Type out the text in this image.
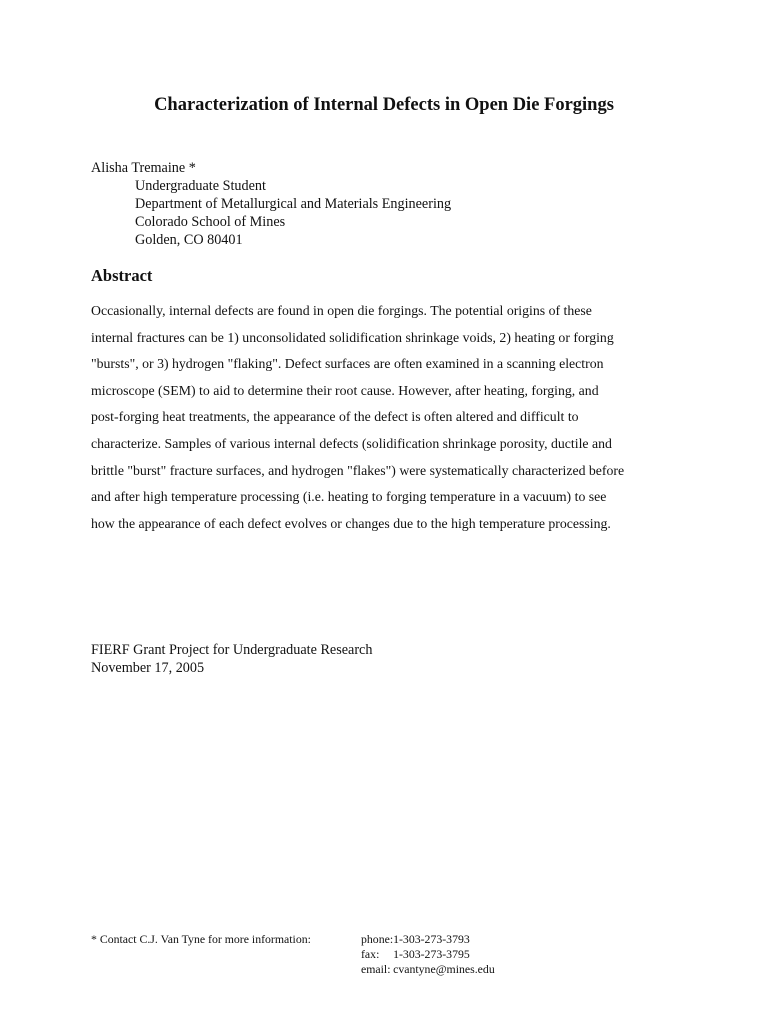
Characterization of Internal Defects in Open Die Forgings
Alisha Tremaine *
Undergraduate Student
Department of Metallurgical and Materials Engineering
Colorado School of Mines
Golden, CO 80401
Abstract
Occasionally, internal defects are found in open die forgings. The potential origins of these
internal fractures can be 1) unconsolidated solidification shrinkage voids, 2) heating or forging
"bursts", or 3) hydrogen "flaking". Defect surfaces are often examined in a scanning electron
microscope (SEM) to aid to determine their root cause. However, after heating, forging, and
post-forging heat treatments, the appearance of the defect is often altered and difficult to
characterize. Samples of various internal defects (solidification shrinkage porosity, ductile and
brittle "burst" fracture surfaces, and hydrogen "flakes") were systematically characterized before
and after high temperature processing (i.e. heating to forging temperature in a vacuum) to see
how the appearance of each defect evolves or changes due to the high temperature processing.
FIERF Grant Project for Undergraduate Research
November 17, 2005
* Contact C.J. Van Tyne for more information:	phone:	1-303-273-3793
fax:	1-303-273-3795
email:	cvantyne@mines.edu
